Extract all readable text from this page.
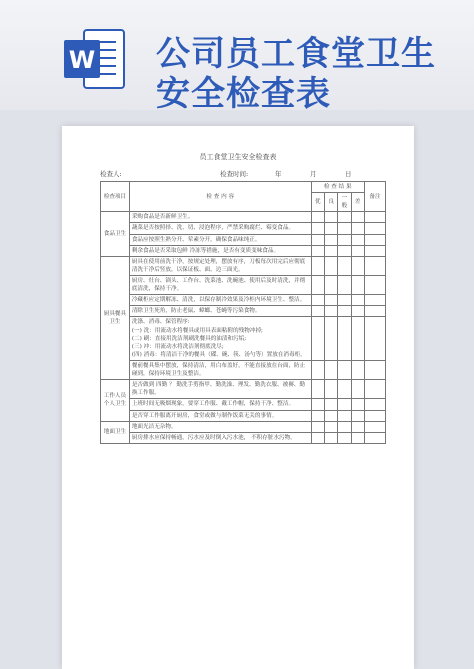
W 公司员工食堂卫生
安全检查表
员工食堂卫生安全检查表
检查人:	检查时间:	年	月	日
检查项目	检 查 内 容	检 查 结 果				备注
		优	良	一般	差	
食品卫生	采购食品是否新鲜卫生。					
	蔬菜是否按照择、洗、切、浸泡程序，严禁采购腐烂、霉变食品。					
	食品应按照生熟分开、荤素分开，确保食品味纯正。					
	剩余食品是否采取包鲜 冷冻等措施，是否有变质变味食品。					
厨具餐具卫生	厨具在使用前洗干净，按规定处理，摆放有序，刀板每次用完后应彻底清洗干净后竖放，以保证板、面、边三面光。					
	厨房、灶台、锅头、工作台、洗菜池、洗碗池、使用后及时清洗，并彻底清洗，保持干净。					
	冷藏柜应定期解冻、清洗，以保存制冷效果及冷柜内环境卫生、整洁。					
	清除卫生死角，防止老鼠、蟑螂、苍蝇等污染食物。					
	洗涤、消毒、保管程序:
(一) 洗：用流动水将餐具或用具表面粘附的残物冲掉;
(二) 刷：直接用洗洁剂刷洗餐具的油渍和污垢;
(三) 冲：用流动水将洗洁剂彻底洗尽;
(四) 消毒：将清洁干净的餐具（碟、碗、筷、汤勺等）置放在消毒柜。					
	餐前餐具集中摆放，保持清洁，用白布盖好，不能直接放在台面，防止碰到，保持环境卫生及整洁。					
工作人员个人卫生	是否做到 四勤 ？ 勤洗手剪指甲、勤洗澡、理发、勤洗衣服、被褥、勤换工作服。					
	上班时间无吸烟现象，要穿工作服、戴工作帽，保持干净、整洁。					
	是否穿工作服离开厨房，食堂或做与制作饭菜无关的事情。					
地面卫生	地面光洁无杂物。					
	厨房排水应保持畅通，污水应及时倒入污水池， 不积存脏水污物。					
